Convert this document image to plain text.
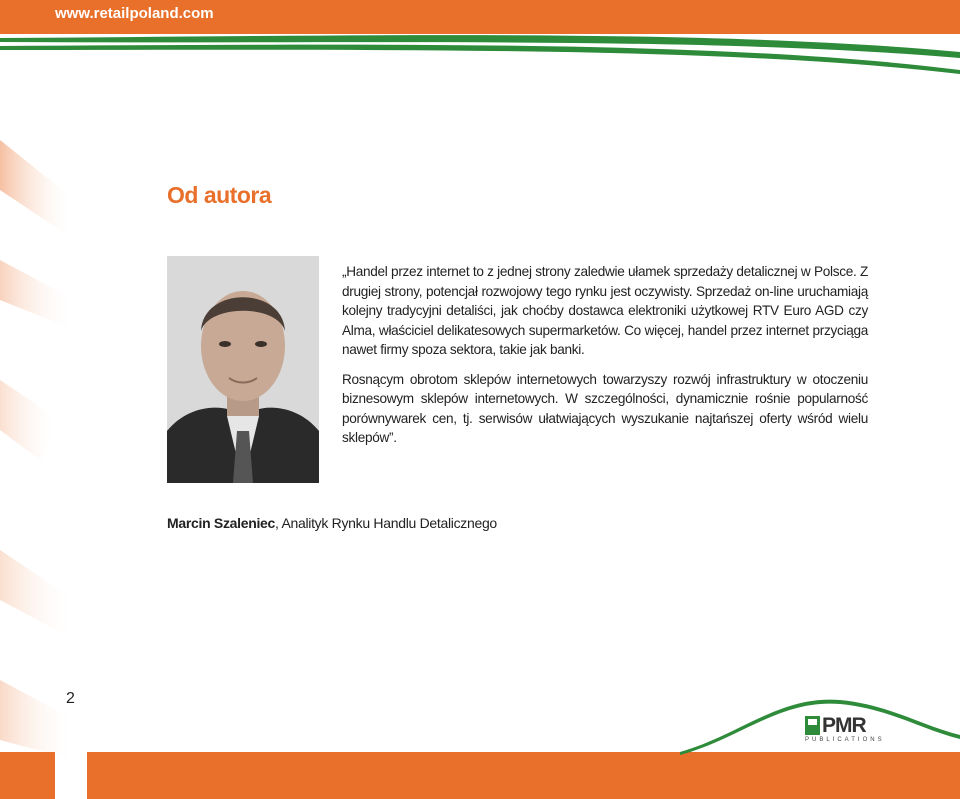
www.retailpoland.com
Od autora

„Handel przez internet to z jednej strony zaledwie ułamek sprzedaży detalicznej w Polsce. Z drugiej strony, potencjał rozwojowy tego rynku jest oczywisty. Sprzedaż on-line uruchamiają kolejny tradycyjni detaliści, jak choćby dostawca elektroniki użytkowej RTV Euro AGD czy Alma, właściciel delikatesowych supermarketów. Co więcej, handel przez internet przyciąga nawet firmy spoza sektora, takie jak banki.

Rosnącym obrotom sklepów internetowych towarzyszy rozwój infrastruktury w otoczeniu biznesowym sklepów internetowych. W szczególności, dynamicznie rośnie popularność porównywarek cen, tj. serwisów ułatwiających wyszukanie najtańszej oferty wśród wielu sklepów”.

Marcin Szaleniec, Analityk Rynku Handlu Detalicznego
2
PMR
PUBLICATIONS
